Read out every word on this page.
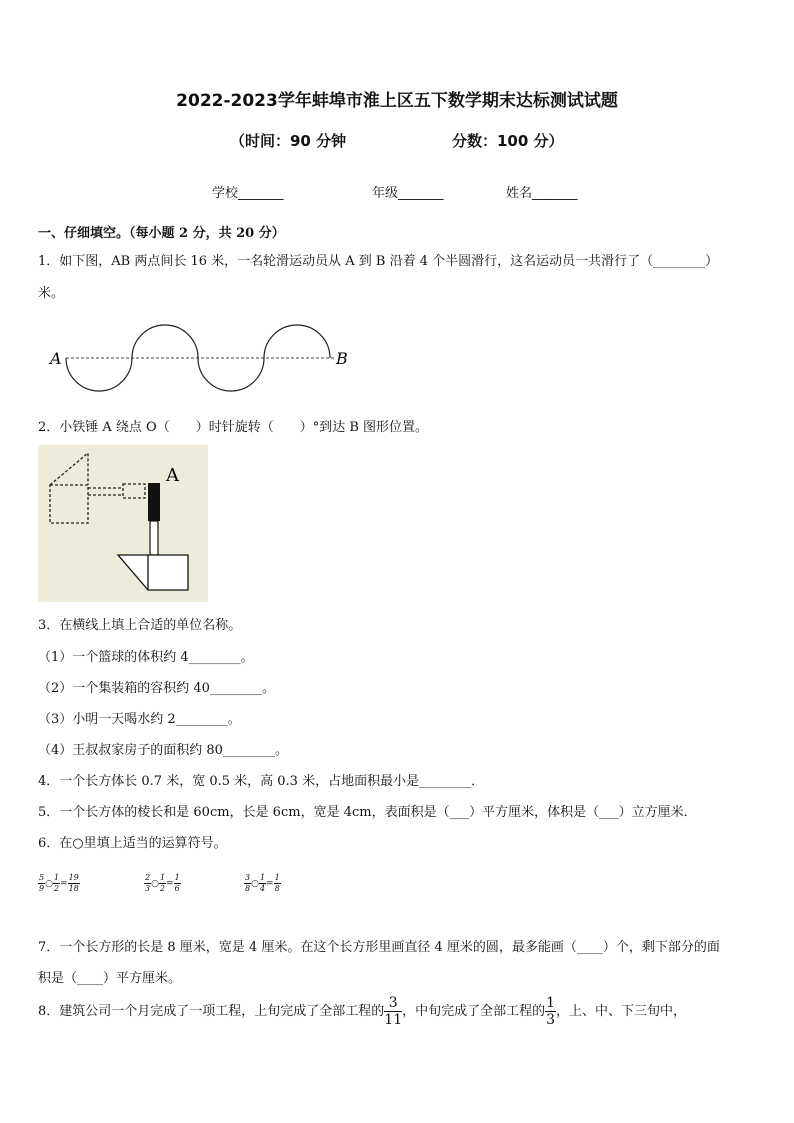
2022-2023学年蚌埠市淮上区五下数学期末达标测试试题
（时间：90 分钟	分数：100 分）
学校_______	年级_______	姓名_______
一、仔细填空。（每小题 2 分，共 20 分）
1．如下图，AB 两点间长 16 米，一名轮滑运动员从 A 到 B 沿着 4 个半圆滑行，这名运动员一共滑行了（________）
米。
A	B
2．小铁锤 A 绕点 O（　　）时针旋转（　　）°到达 B 图形位置。
A
3．在横线上填上合适的单位名称。
（1）一个篮球的体积约 4________。
（2）一个集装箱的容积约 40________。
（3）小明一天喝水约 2________。
（4）王叔叔家房子的面积约 80________。
4．一个长方体长 0.7 米，宽 0.5 米，高 0.3 米，占地面积最小是________．
5．一个长方体的棱长和是 60cm，长是 6cm，宽是 4cm，表面积是（___）平方厘米，体积是（___）立方厘米．
6．在○里填上适当的运算符号。
$\frac{5}{9}$ ○ $\frac{1}{2} = \frac{19}{18}$	$\frac{2}{3}$ ○ $\frac{1}{2} = \frac{1}{6}$	$\frac{3}{8}$ ○ $\frac{1}{4} = \frac{1}{8}$
7．一个长方形的长是 8 厘米，宽是 4 厘米。在这个长方形里画直径 4 厘米的圆，最多能画（____）个，剩下部分的面
积是（____）平方厘米。
8．建筑公司一个月完成了一项工程，上旬完成了全部工程的 $\frac{3}{11}$ ，中旬完成了全部工程的 $\frac{1}{3}$ ，上、中、下三旬中，
